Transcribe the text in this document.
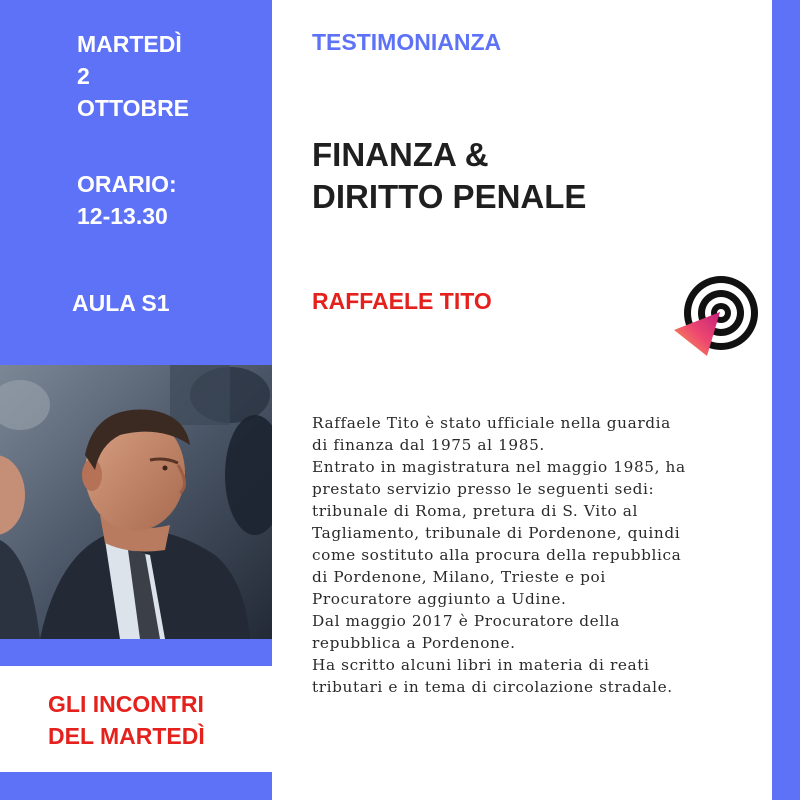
MARTEDÌ
2
OTTOBRE
ORARIO:
12-13.30
AULA S1
TESTIMONIANZA
FINANZA &
DIRITTO PENALE
RAFFAELE TITO
Raffaele Tito è stato ufficiale nella guardia
di finanza dal 1975 al 1985.
Entrato in magistratura nel maggio 1985, ha
prestato servizio presso le seguenti sedi:
tribunale di Roma, pretura di S. Vito al
Tagliamento, tribunale di Pordenone, quindi
come sostituto alla procura della repubblica
di Pordenone, Milano, Trieste e poi
Procuratore aggiunto a Udine.
Dal maggio 2017 è Procuratore della
repubblica a Pordenone.
Ha scritto alcuni libri in materia di reati
tributari e in tema di circolazione stradale.
GLI INCONTRI
DEL MARTEDÌ
